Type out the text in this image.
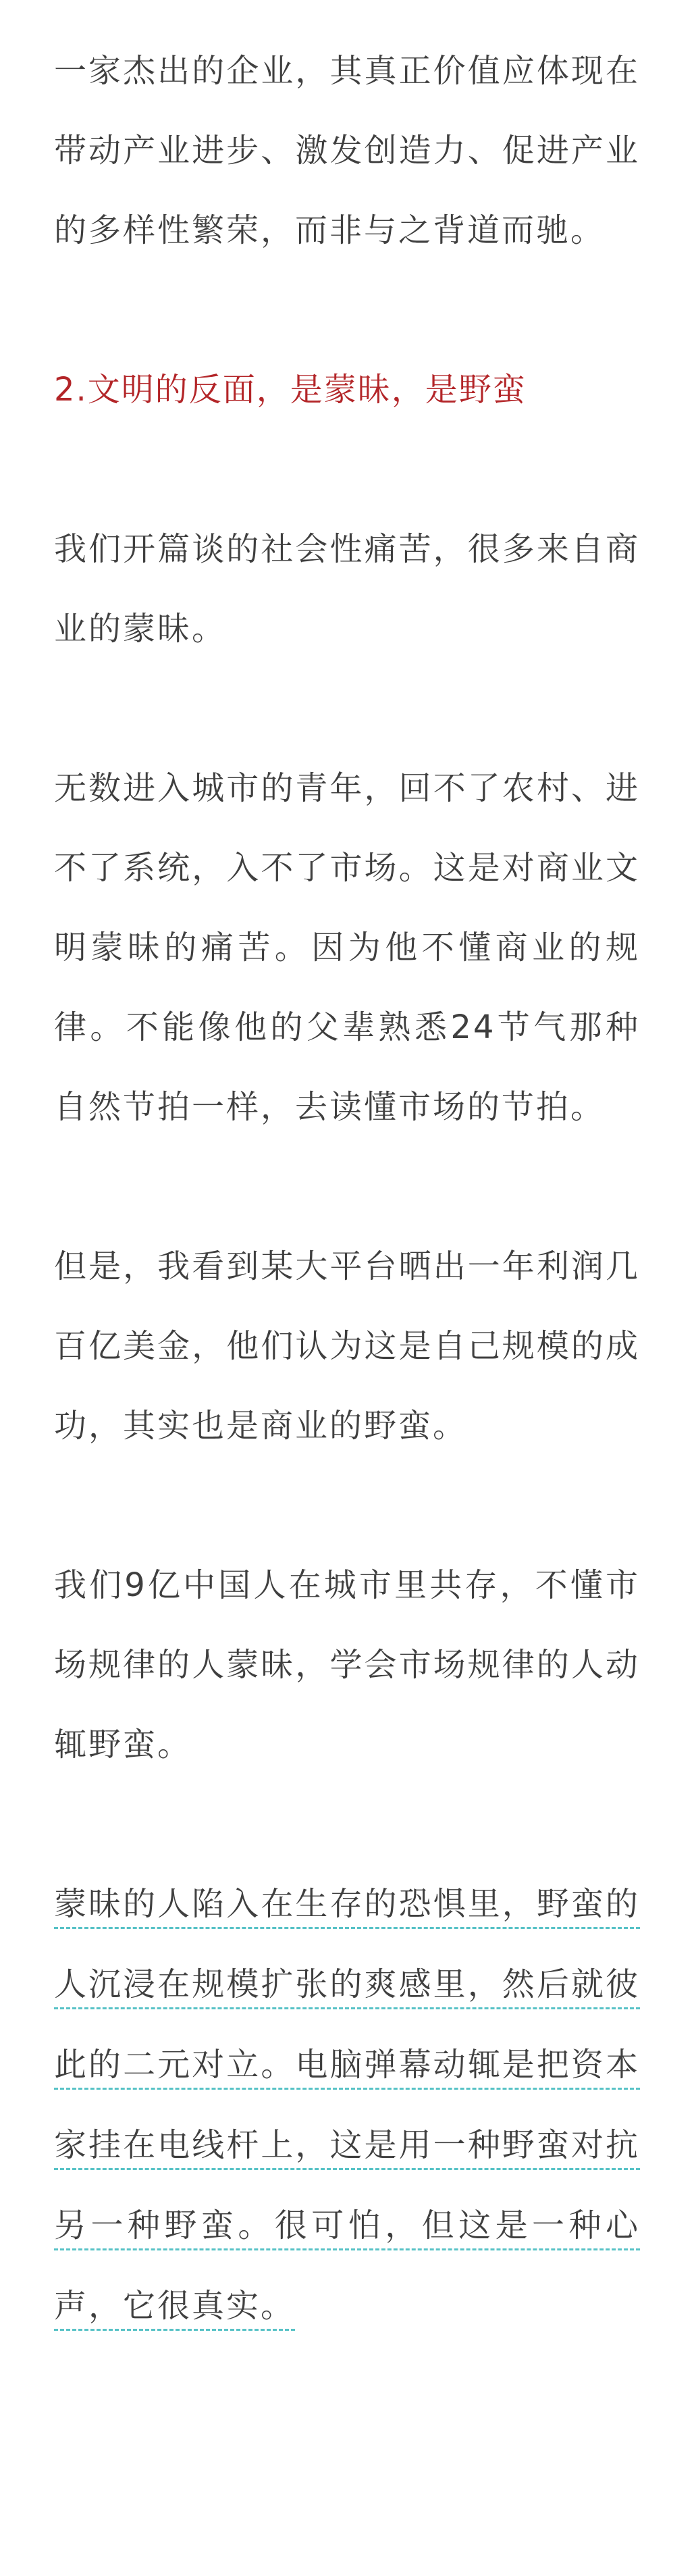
一家杰出的企业，其真正价值应体现在带动产业进步、激发创造力、促进产业的多样性繁荣，而非与之背道而驰。

2.文明的反面，是蒙昧，是野蛮

我们开篇谈的社会性痛苦，很多来自商业的蒙昧。

无数进入城市的青年，回不了农村、进不了系统，入不了市场。这是对商业文明蒙昧的痛苦。因为他不懂商业的规律。不能像他的父辈熟悉24节气那种自然节拍一样，去读懂市场的节拍。

但是，我看到某大平台晒出一年利润几百亿美金，他们认为这是自己规模的成功，其实也是商业的野蛮。

我们9亿中国人在城市里共存，不懂市场规律的人蒙昧，学会市场规律的人动辄野蛮。

蒙昧的人陷入在生存的恐惧里，野蛮的人沉浸在规模扩张的爽感里，然后就彼此的二元对立。电脑弹幕动辄是把资本家挂在电线杆上，这是用一种野蛮对抗另一种野蛮。很可怕，但这是一种心声，它很真实。
